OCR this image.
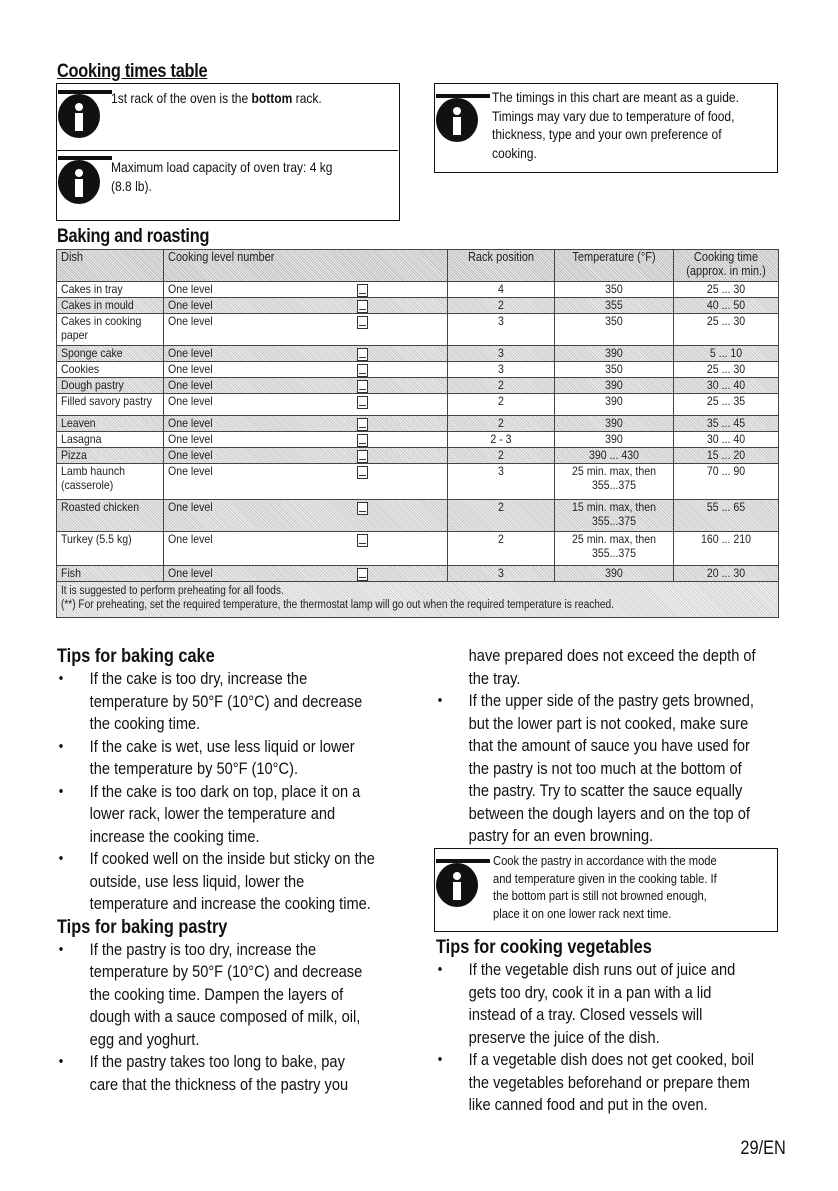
Cooking times table
1st rack of the oven is the bottom rack.
Maximum load capacity of oven tray: 4 kg
(8.8 lb).
The timings in this chart are meant as a guide.
Timings may vary due to temperature of food,
thickness, type and your own preference of
cooking.
Baking and roasting
Dish	Cooking level number	Rack position	Temperature (°F)	Cooking time
(approx. in min.)

Cakes in tray	One level	4	350	25 ... 30

Cakes in mould	One level	2	355	40 ... 50

Cakes in cooking
paper	One level	3	350	25 ... 30

Sponge cake	One level	3	390	5 ... 10

Cookies	One level	3	350	25 ... 30

Dough pastry	One level	2	390	30 ... 40

Filled savory pastry	One level	2	390	25 ... 35

Leaven	One level	2	390	35 ... 45

Lasagna	One level	2 - 3	390	30 ... 40

Pizza	One level	2	390 ... 430	15 ... 20

Lamb haunch
(casserole)	One level	3	25 min. max, then
355...375	70 ... 90

Roasted chicken	One level	2	15 min. max, then
355...375	55 ... 65

Turkey (5.5 kg)	One level	2	25 min. max, then
355...375	160 ... 210

Fish	One level	3	390	20 ... 30

It is suggested to perform preheating for all foods.
(**) For preheating, set the required temperature, the thermostat lamp will go out when the required temperature is reached.				

Tips for baking cake

• If the cake is too dry, increase the
temperature by 50°F (10°C) and decrease
the cooking time.
• If the cake is wet, use less liquid or lower
the temperature by 50°F (10°C).
• If the cake is too dark on top, place it on a
lower rack, lower the temperature and
increase the cooking time.
• If cooked well on the inside but sticky on the
outside, use less liquid, lower the
temperature and increase the cooking time.

Tips for baking pastry

• If the pastry is too dry, increase the
temperature by 50°F (10°C) and decrease
the cooking time. Dampen the layers of
dough with a sauce composed of milk, oil,
egg and yoghurt.
• If the pastry takes too long to bake, pay
care that the thickness of the pastry you
have prepared does not exceed the depth of
the tray.
• If the upper side of the pastry gets browned,
but the lower part is not cooked, make sure
that the amount of sauce you have used for
the pastry is not too much at the bottom of
the pastry. Try to scatter the sauce equally
between the dough layers and on the top of
pastry for an even browning.
Cook the pastry in accordance with the mode
and temperature given in the cooking table. If
the bottom part is still not browned enough,
place it on one lower rack next time.

Tips for cooking vegetables

• If the vegetable dish runs out of juice and
gets too dry, cook it in a pan with a lid
instead of a tray. Closed vessels will
preserve the juice of the dish.
• If a vegetable dish does not get cooked, boil
the vegetables beforehand or prepare them
like canned food and put in the oven.
29/EN
